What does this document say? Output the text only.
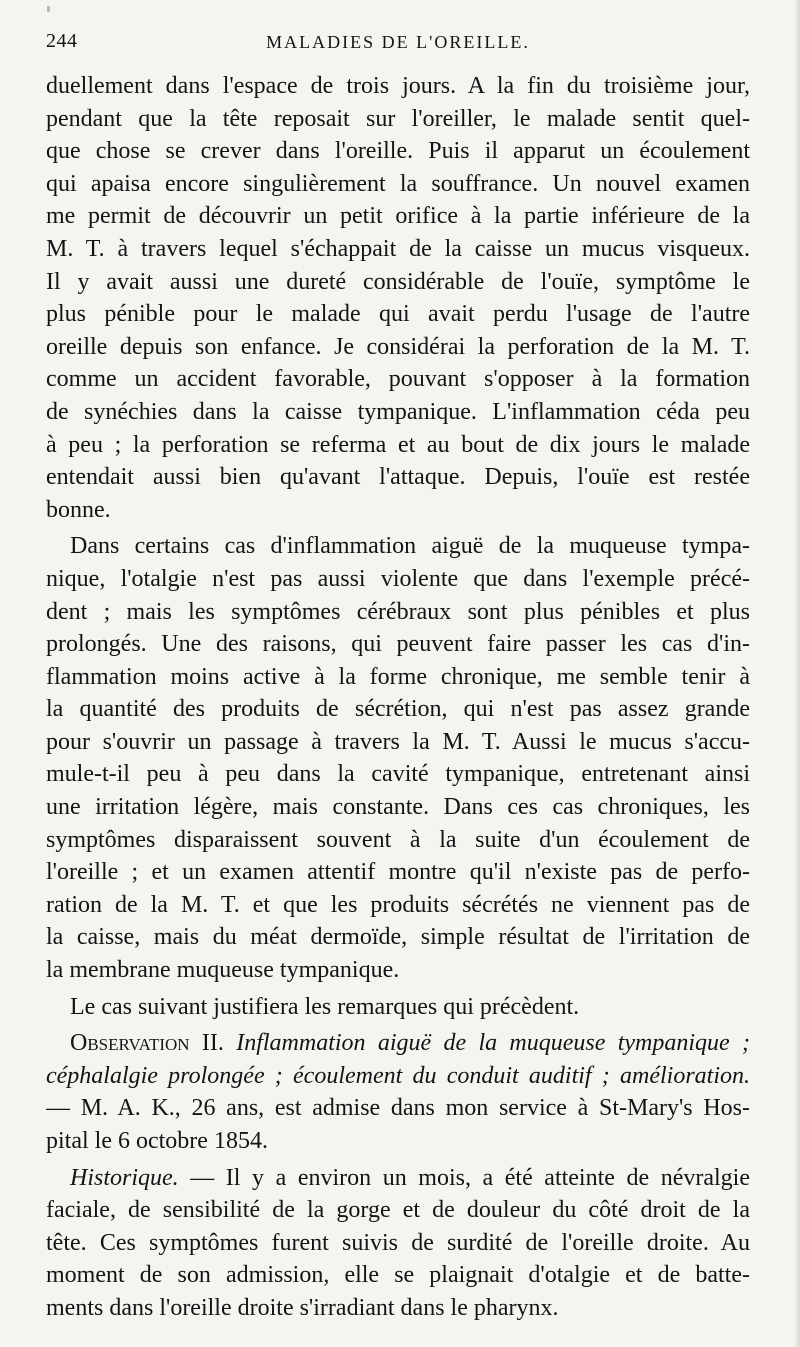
244	MALADIES DE L'OREILLE.
duellement dans l'espace de trois jours. A la fin du troisième jour,
pendant que la tête reposait sur l'oreiller, le malade sentit quel-
que chose se crever dans l'oreille. Puis il apparut un écoulement
qui apaisa encore singulièrement la souffrance. Un nouvel examen
me permit de découvrir un petit orifice à la partie inférieure de la
M. T. à travers lequel s'échappait de la caisse un mucus visqueux.
Il y avait aussi une dureté considérable de l'ouïe, symptôme le
plus pénible pour le malade qui avait perdu l'usage de l'autre
oreille depuis son enfance. Je considérai la perforation de la M. T.
comme un accident favorable, pouvant s'opposer à la formation
de synéchies dans la caisse tympanique. L'inflammation céda peu
à peu ; la perforation se referma et au bout de dix jours le malade
entendait aussi bien qu'avant l'attaque. Depuis, l'ouïe est restée
bonne.
Dans certains cas d'inflammation aiguë de la muqueuse tympa-
nique, l'otalgie n'est pas aussi violente que dans l'exemple précé-
dent ; mais les symptômes cérébraux sont plus pénibles et plus
prolongés. Une des raisons, qui peuvent faire passer les cas d'in-
flammation moins active à la forme chronique, me semble tenir à
la quantité des produits de sécrétion, qui n'est pas assez grande
pour s'ouvrir un passage à travers la M. T. Aussi le mucus s'accu-
mule-t-il peu à peu dans la cavité tympanique, entretenant ainsi
une irritation légère, mais constante. Dans ces cas chroniques, les
symptômes disparaissent souvent à la suite d'un écoulement de
l'oreille ; et un examen attentif montre qu'il n'existe pas de perfo-
ration de la M. T. et que les produits sécrétés ne viennent pas de
la caisse, mais du méat dermoïde, simple résultat de l'irritation de
la membrane muqueuse tympanique.
Le cas suivant justifiera les remarques qui précèdent.
Observation II. Inflammation aiguë de la muqueuse tympanique ;
céphalalgie prolongée ; écoulement du conduit auditif ; amélioration.
— M. A. K., 26 ans, est admise dans mon service à St-Mary's Hos-
pital le 6 octobre 1854.
Historique. — Il y a environ un mois, a été atteinte de névralgie
faciale, de sensibilité de la gorge et de douleur du côté droit de la
tête. Ces symptômes furent suivis de surdité de l'oreille droite. Au
moment de son admission, elle se plaignait d'otalgie et de batte-
ments dans l'oreille droite s'irradiant dans le pharynx.
